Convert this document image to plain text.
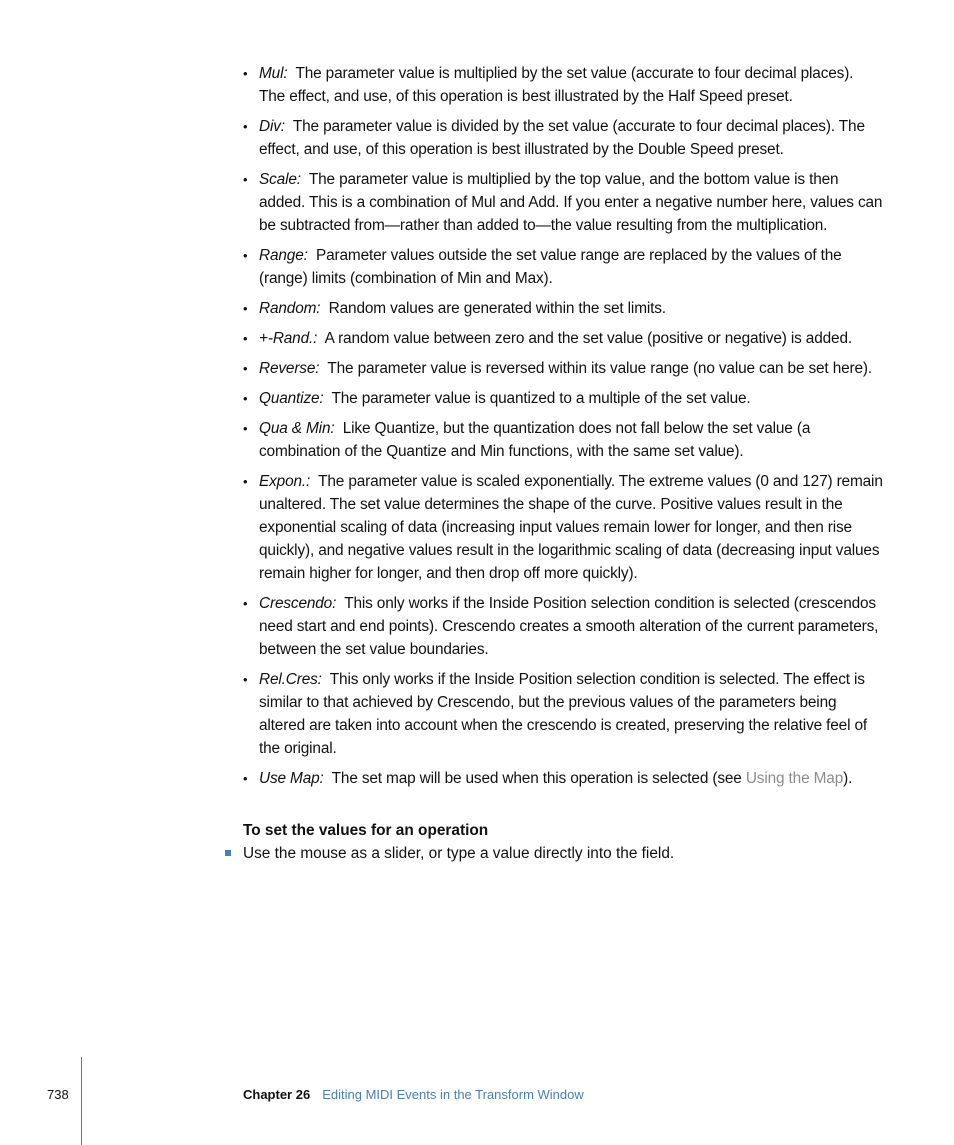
• Mul: The parameter value is multiplied by the set value (accurate to four decimal places). The effect, and use, of this operation is best illustrated by the Half Speed preset.
• Div: The parameter value is divided by the set value (accurate to four decimal places). The effect, and use, of this operation is best illustrated by the Double Speed preset.
• Scale: The parameter value is multiplied by the top value, and the bottom value is then added. This is a combination of Mul and Add. If you enter a negative number here, values can be subtracted from—rather than added to—the value resulting from the multiplication.
• Range: Parameter values outside the set value range are replaced by the values of the (range) limits (combination of Min and Max).
• Random: Random values are generated within the set limits.
• +-Rand.: A random value between zero and the set value (positive or negative) is added.
• Reverse: The parameter value is reversed within its value range (no value can be set here).
• Quantize: The parameter value is quantized to a multiple of the set value.
• Qua & Min: Like Quantize, but the quantization does not fall below the set value (a combination of the Quantize and Min functions, with the same set value).
• Expon.: The parameter value is scaled exponentially. The extreme values (0 and 127) remain unaltered. The set value determines the shape of the curve. Positive values result in the exponential scaling of data (increasing input values remain lower for longer, and then rise quickly), and negative values result in the logarithmic scaling of data (decreasing input values remain higher for longer, and then drop off more quickly).
• Crescendo: This only works if the Inside Position selection condition is selected (crescendos need start and end points). Crescendo creates a smooth alteration of the current parameters, between the set value boundaries.
• Rel.Cres: This only works if the Inside Position selection condition is selected. The effect is similar to that achieved by Crescendo, but the previous values of the parameters being altered are taken into account when the crescendo is created, preserving the relative feel of the original.
• Use Map: The set map will be used when this operation is selected (see Using the Map).
To set the values for an operation
Use the mouse as a slider, or type a value directly into the field.
738	Chapter 26 Editing MIDI Events in the Transform Window
